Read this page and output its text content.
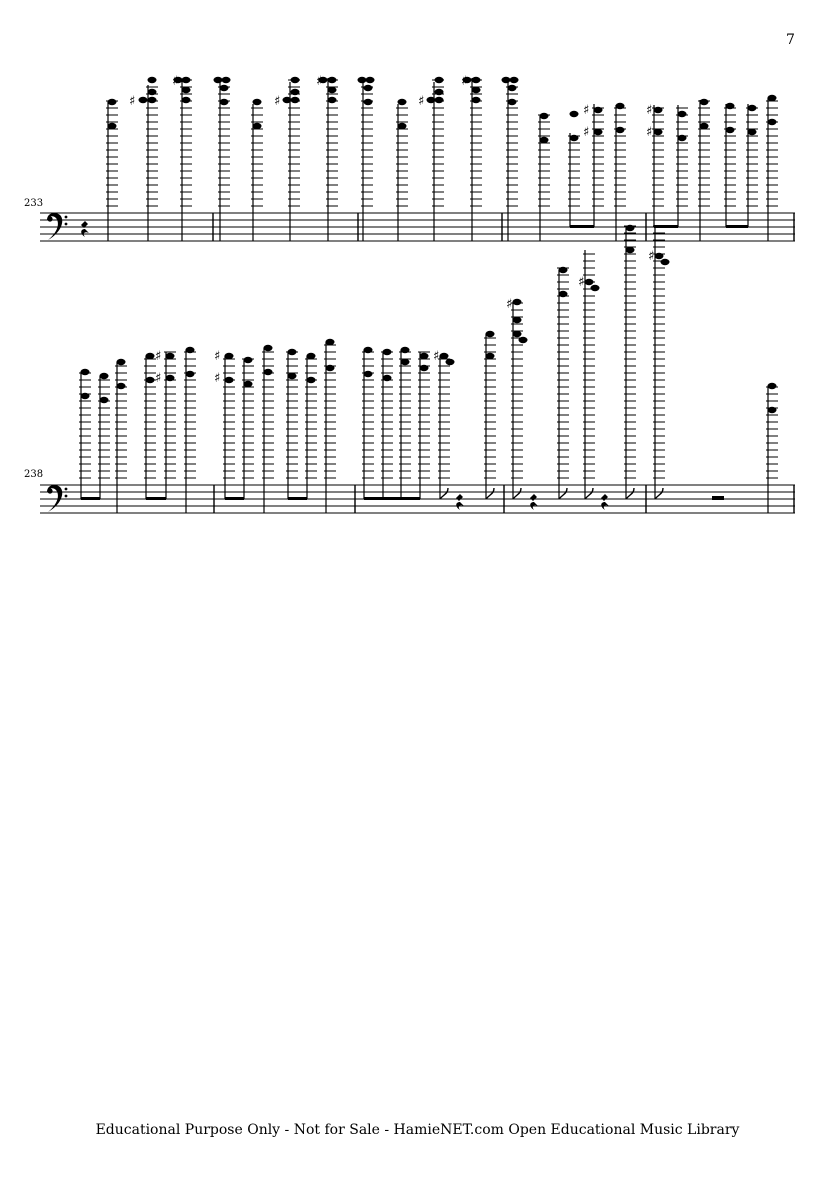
7
233
238
♯
♯
♯
♯
♯
♯
♯
♯
♯
♯
♯
♯
♯
♯
♯
♯
♯
♯
Educational Purpose Only - Not for Sale - HamieNET.com Open Educational Music Library
